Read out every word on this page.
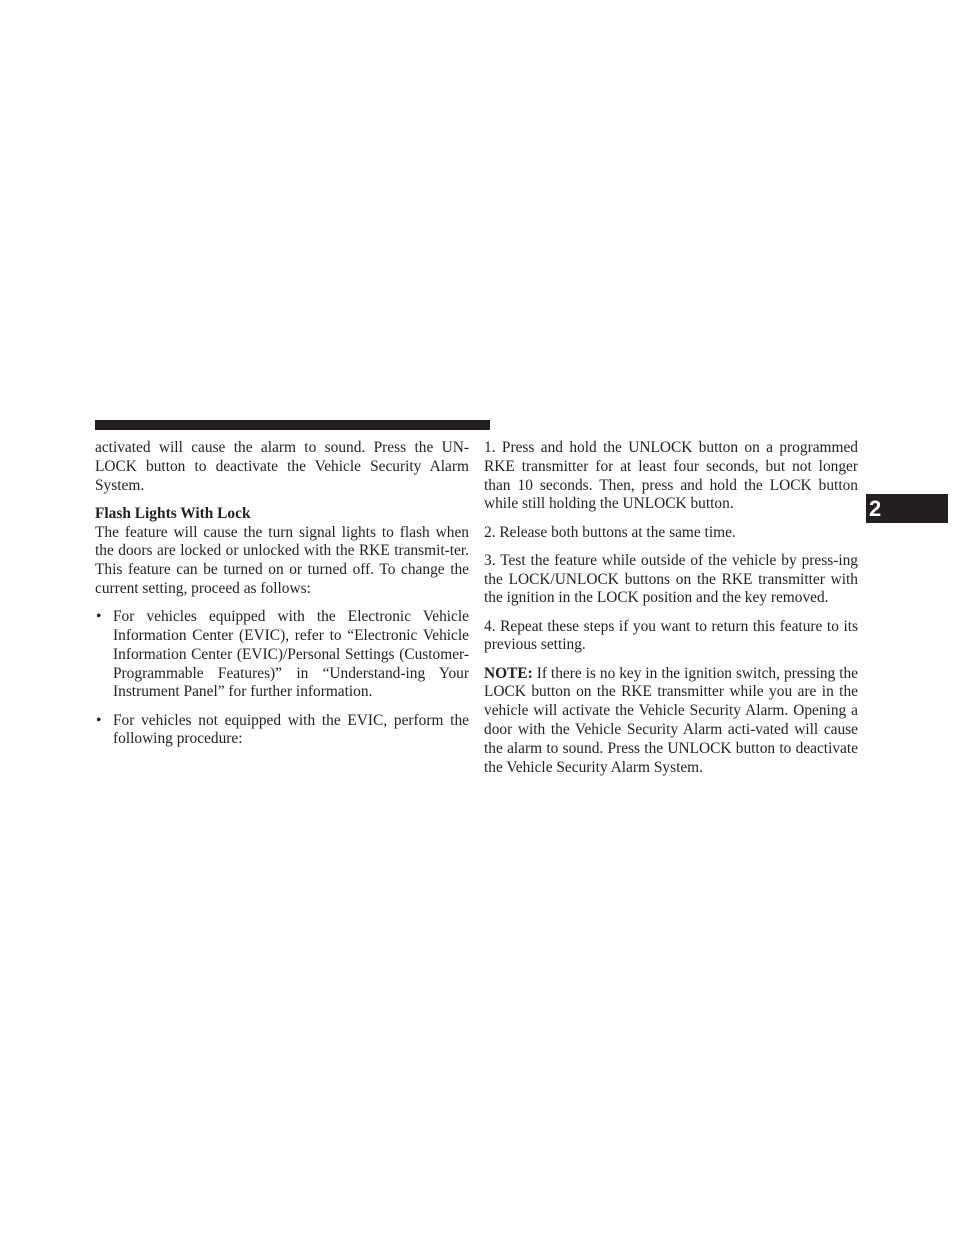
2

activated will cause the alarm to sound. Press the UN-LOCK button to deactivate the Vehicle Security Alarm System.

Flash Lights With Lock

The feature will cause the turn signal lights to flash when the doors are locked or unlocked with the RKE transmit-ter. This feature can be turned on or turned off. To change the current setting, proceed as follows:

• For vehicles equipped with the Electronic Vehicle Information Center (EVIC), refer to “Electronic Vehicle Information Center (EVIC)/Personal Settings (Customer-Programmable Features)” in “Understand-ing Your Instrument Panel” for further information.
• For vehicles not equipped with the EVIC, perform the following procedure:

1. Press and hold the UNLOCK button on a programmed RKE transmitter for at least four seconds, but not longer than 10 seconds. Then, press and hold the LOCK button while still holding the UNLOCK button.

2. Release both buttons at the same time.

3. Test the feature while outside of the vehicle by press-ing the LOCK/UNLOCK buttons on the RKE transmitter with the ignition in the LOCK position and the key removed.

4. Repeat these steps if you want to return this feature to its previous setting.

NOTE: If there is no key in the ignition switch, pressing the LOCK button on the RKE transmitter while you are in the vehicle will activate the Vehicle Security Alarm. Opening a door with the Vehicle Security Alarm acti-vated will cause the alarm to sound. Press the UNLOCK button to deactivate the Vehicle Security Alarm System.
